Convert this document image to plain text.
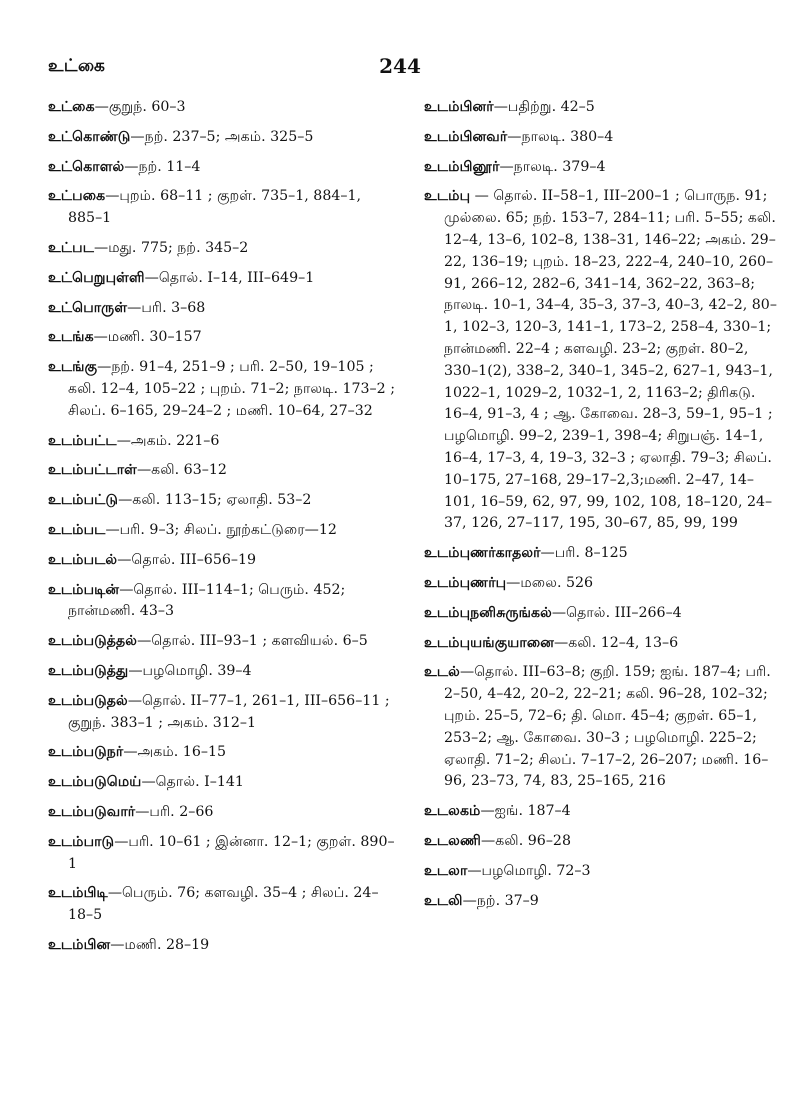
உட்கை	244
உட்கை—குறுந். 60–3
உட்கொண்டு—நற். 237–5; அகம். 325–5
உட்கொளல்—நற். 11–4
உட்பகை—புறம். 68–11 ; குறள். 735–1, 884–1, 885–1
உட்பட—மது. 775; நற். 345–2
உட்பெறுபுள்ளி—தொல். I–14, III–649–1
உட்பொருள்—பரி. 3–68
உடங்க—மணி. 30–157
உடங்கு—நற். 91–4, 251–9 ; பரி. 2–50, 19–105 ; கலி. 12–4, 105–22 ; புறம். 71–2; நாலடி. 173–2 ; சிலப். 6–165, 29–24–2 ; மணி. 10–64, 27–32
உடம்பட்ட—அகம். 221–6
உடம்பட்டாள்—கலி. 63–12
உடம்பட்டு—கலி. 113–15; ஏலாதி. 53–2
உடம்பட—பரி. 9–3; சிலப். நூற்கட்டுரை—12
உடம்படல்—தொல். III–656–19
உடம்படின்—தொல். III–114–1; பெரும். 452; நான்மணி. 43–3
உடம்படுத்தல்—தொல். III–93–1 ; களவியல். 6–5
உடம்படுத்து—பழமொழி. 39–4
உடம்படுதல்—தொல். II–77–1, 261–1, III–656–11 ; குறுந். 383–1 ; அகம். 312–1
உடம்படுநர்—அகம். 16–15
உடம்படுமெய்—தொல். I–141
உடம்படுவார்—பரி. 2–66
உடம்பாடு—பரி. 10–61 ; இன்னா. 12–1; குறள். 890–1
உடம்பிடி—பெரும். 76; களவழி. 35–4 ; சிலப். 24–18–5
உடம்பின—மணி. 28–19
உடம்பினர்—பதிற்று. 42–5
உடம்பினவர்—நாலடி. 380–4
உடம்பினூர்—நாலடி. 379–4
உடம்பு — தொல். II–58–1, III–200–1 ; பொருந. 91; முல்லை. 65; நற். 153–7, 284–11; பரி. 5–55; கலி. 12–4, 13–6, 102–8, 138–31, 146–22; அகம். 29–22, 136–19; புறம். 18–23, 222–4, 240–10, 260–91, 266–12, 282–6, 341–14, 362–22, 363–8; நாலடி. 10–1, 34–4, 35–3, 37–3, 40–3, 42–2, 80–1, 102–3, 120–3, 141–1, 173–2, 258–4, 330–1; நான்மணி. 22–4 ; களவழி. 23–2; குறள். 80–2, 330–1(2), 338–2, 340–1, 345–2, 627–1, 943–1, 1022–1, 1029–2, 1032–1, 2, 1163–2; திரிகடு. 16–4, 91–3, 4 ; ஆ. கோவை. 28–3, 59–1, 95–1 ; பழமொழி. 99–2, 239–1, 398–4; சிறுபஞ். 14–1, 16–4, 17–3, 4, 19–3, 32–3 ; ஏலாதி. 79–3; சிலப். 10–175, 27–168, 29–17–2,3;மணி. 2–47, 14–101, 16–59, 62, 97, 99, 102, 108, 18–120, 24–37, 126, 27–117, 195, 30–67, 85, 99, 199
உடம்புணர்காதலர்—பரி. 8–125
உடம்புணர்பு—மலை. 526
உடம்புநனிசுருங்கல்—தொல். III–266–4
உடம்புயங்குயானை—கலி. 12–4, 13–6
உடல்—தொல். III–63–8; குறி. 159; ஐங். 187–4; பரி. 2–50, 4–42, 20–2, 22–21; கலி. 96–28, 102–32; புறம். 25–5, 72–6; தி. மொ. 45–4; குறள். 65–1, 253–2; ஆ. கோவை. 30–3 ; பழமொழி. 225–2; ஏலாதி. 71–2; சிலப். 7–17–2, 26–207; மணி. 16–96, 23–73, 74, 83, 25–165, 216
உடலகம்—ஐங். 187–4
உடலணி—கலி. 96–28
உடலா—பழமொழி. 72–3
உடலி—நற். 37–9
